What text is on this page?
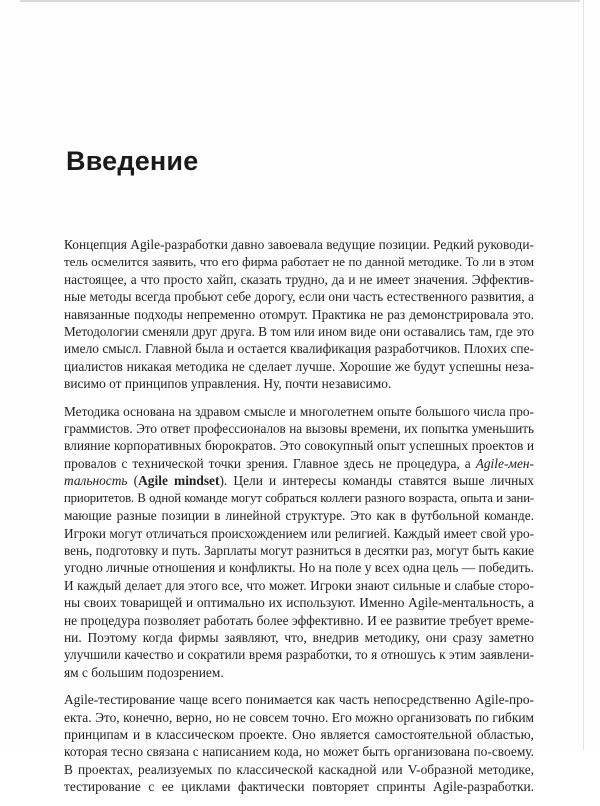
Введение

Концепция Agile-разработки давно завоевала ведущие позиции. Редкий руководи-
тель осмелится заявить, что его фирма работает не по данной методике. То ли в этом
настоящее, а что просто хайп, сказать трудно, да и не имеет значения. Эффектив-
ные методы всегда пробьют себе дорогу, если они часть естественного развития, а
навязанные подходы непременно отомрут. Практика не раз демонстрировала это.
Методологии сменяли друг друга. В том или ином виде они оставались там, где это
имело смысл. Главной была и остается квалификация разработчиков. Плохих спе-
циалистов никакая методика не сделает лучше. Хорошие же будут успешны неза-
висимо от принципов управления. Ну, почти независимо.

Методика основана на здравом смысле и многолетнем опыте большого числа про-
граммистов. Это ответ профессионалов на вызовы времени, их попытка уменьшить
влияние корпоративных бюрократов. Это совокупный опыт успешных проектов и
провалов с технической точки зрения. Главное здесь не процедура, а Agile-мен-
тальность (Agile mindset). Цели и интересы команды ставятся выше личных
приоритетов. В одной команде могут собраться коллеги разного возраста, опыта и зани-
мающие разные позиции в линейной структуре. Это как в футбольной команде.
Игроки могут отличаться происхождением или религией. Каждый имеет свой уро-
вень, подготовку и путь. Зарплаты могут разниться в десятки раз, могут быть какие
угодно личные отношения и конфликты. Но на поле у всех одна цель — победить.
И каждый делает для этого все, что может. Игроки знают сильные и слабые сторо-
ны своих товарищей и оптимально их используют. Именно Agile-ментальность, а
не процедура позволяет работать более эффективно. И ее развитие требует време-
ни. Поэтому когда фирмы заявляют, что, внедрив методику, они сразу заметно
улучшили качество и сократили время разработки, то я отношусь к этим заявлени-
ям с большим подозрением.

Agile-тестирование чаще всего понимается как часть непосредственно Agile-про-
екта. Это, конечно, верно, но не совсем точно. Его можно организовать по гибким
принципам и в классическом проекте. Оно является самостоятельной областью,
которая тесно связана с написанием кода, но может быть организована по-своему.
В проектах, реализуемых по классической каскадной или V-образной методике,
тестирование с ее циклами фактически повторяет спринты Agile-разработки.
